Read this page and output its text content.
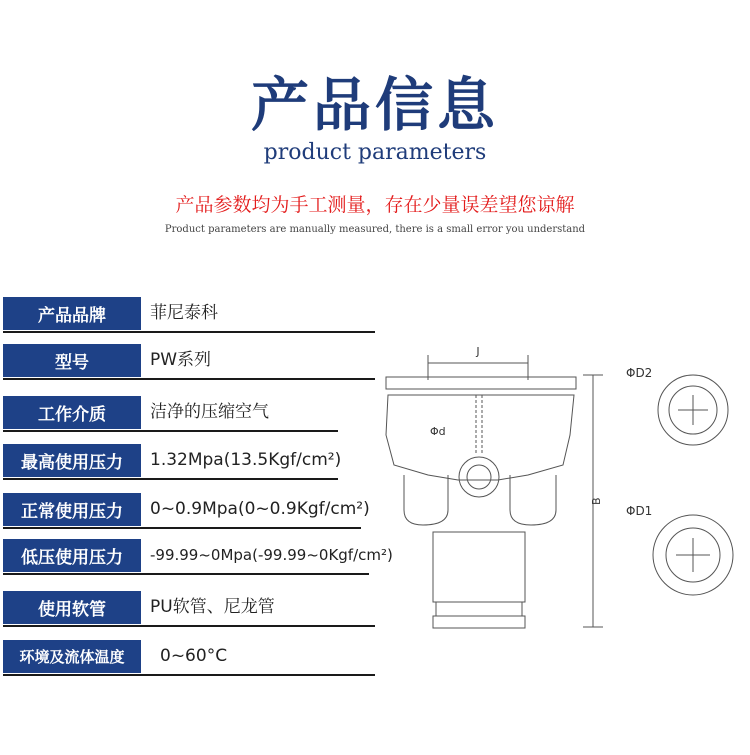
产品信息
product parameters
产品参数均为手工测量，存在少量误差望您谅解
Product parameters are manually measured, there is a small error you understand
产品品牌	菲尼泰科
型号	PW系列
工作介质	洁净的压缩空气
最高使用压力	1.32Mpa(13.5Kgf/cm²)
正常使用压力	0~0.9Mpa(0~0.9Kgf/cm²)
低压使用压力	-99.99~0Mpa(-99.99~0Kgf/cm²)
使用软管	PU软管、尼龙管
环境及流体温度	0~60°C
J
B
Φd
ΦD2
ΦD1
